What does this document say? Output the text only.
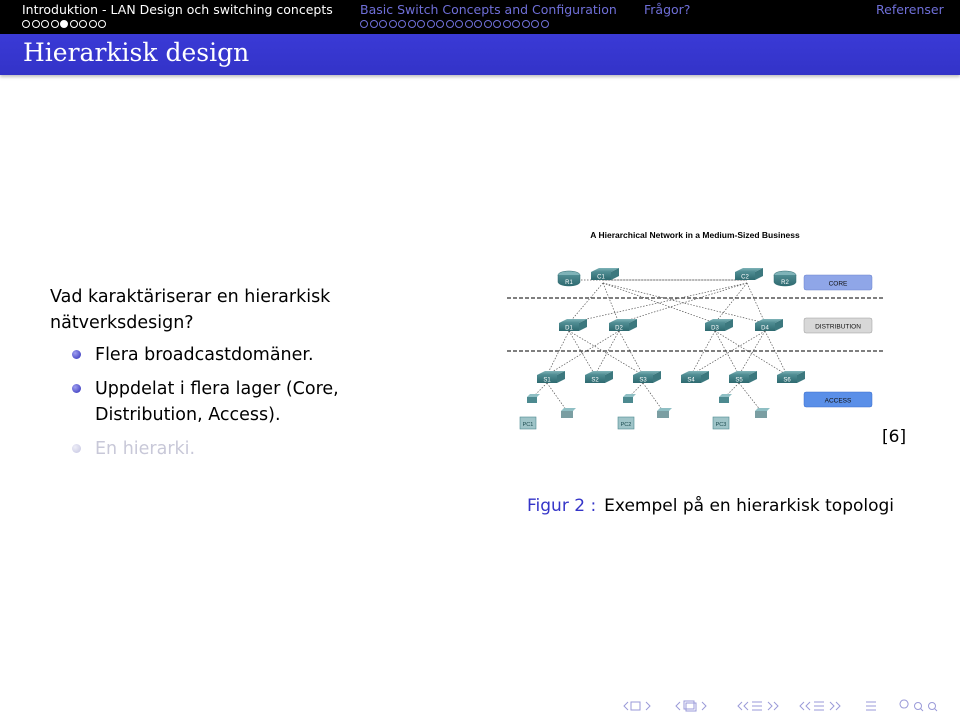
Introduktion - LAN Design och switching concepts Basic Switch Concepts and Configuration Frågor?	Referenser
Hierarkisk design
Vad karaktäriserar en hierarkisk nätverksdesign?
Flera broadcastdomäner.
Uppdelat i flera lager (Core, Distribution, Access).
En hierarki.
A Hierarchical Network in a Medium-Sized Business
R1
C1	C2
R2
D1	D2	D3	D4
S1	S2	S3	S4	S5	S6
PC1	PC2	PC3
CORE
DISTRIBUTION
ACCESS
[6]
Figur 2 : Exempel på en hierarkisk topologi
